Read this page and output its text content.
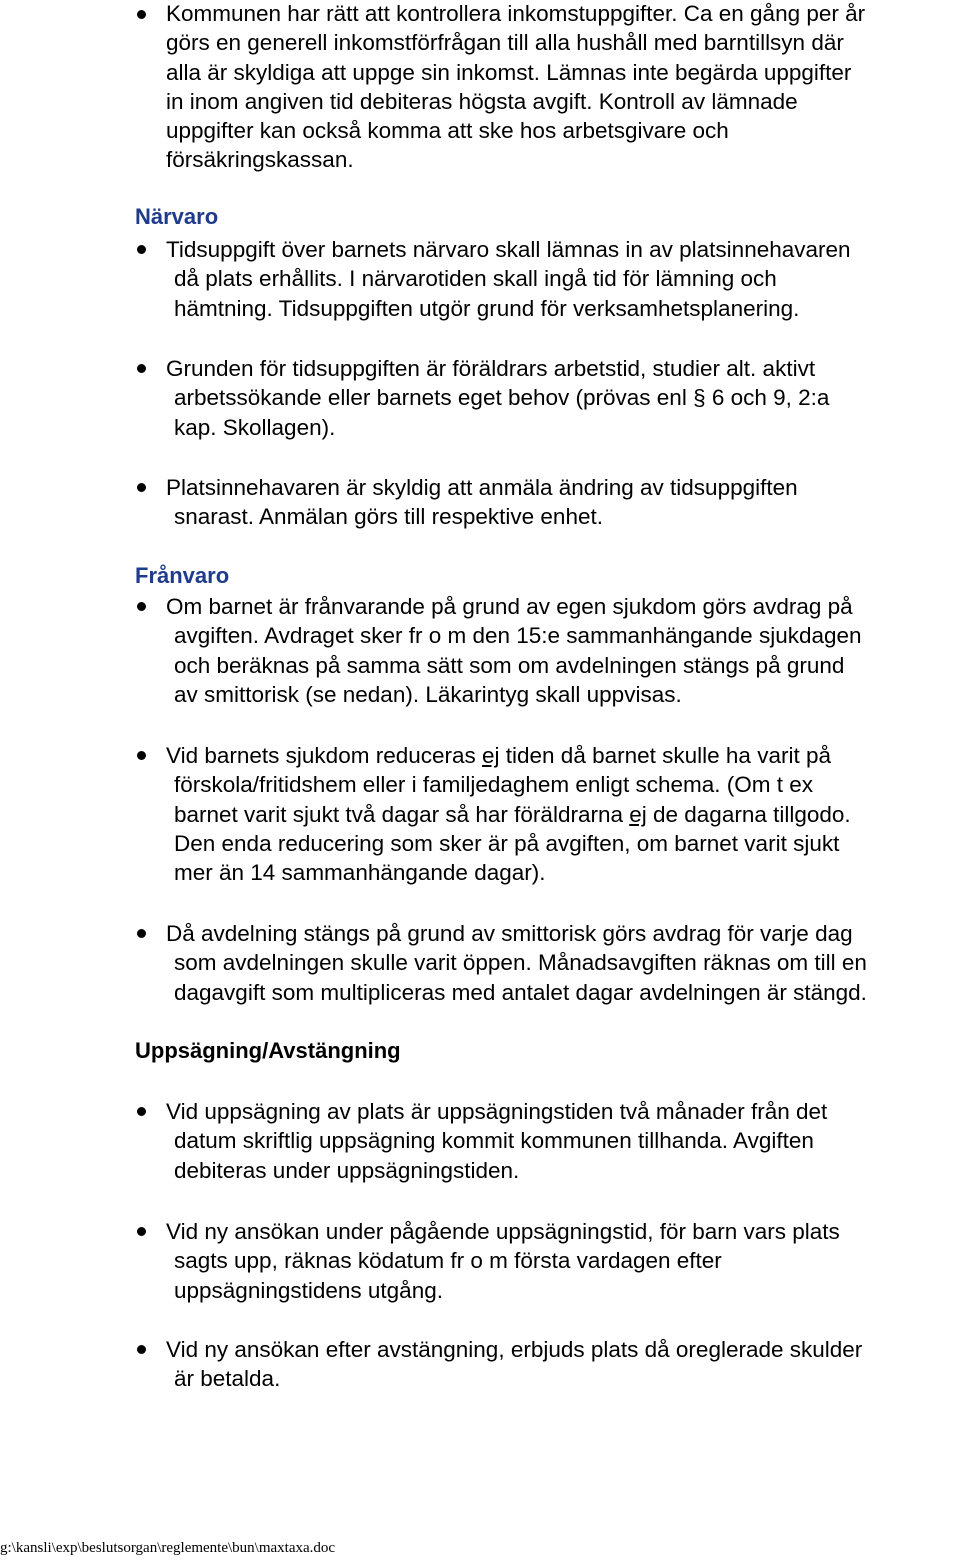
Kommunen har rätt att kontrollera inkomstuppgifter. Ca en gång per år
görs en generell inkomstförfrågan till alla hushåll med barntillsyn där
alla är skyldiga att uppge sin inkomst. Lämnas inte begärda uppgifter
in inom angiven tid debiteras högsta avgift. Kontroll av lämnade
uppgifter kan också komma att ske hos arbetsgivare och
försäkringskassan.
Närvaro
Tidsuppgift över barnets närvaro skall lämnas in av platsinnehavaren
då plats erhållits. I närvarotiden skall ingå tid för lämning och
hämtning. Tidsuppgiften utgör grund för verksamhetsplanering.
Grunden för tidsuppgiften är föräldrars arbetstid, studier alt. aktivt
arbetssökande eller barnets eget behov (prövas enl § 6 och 9, 2:a
kap. Skollagen).
Platsinnehavaren är skyldig att anmäla ändring av tidsuppgiften
snarast. Anmälan görs till respektive enhet.
Frånvaro
Om barnet är frånvarande på grund av egen sjukdom görs avdrag på
avgiften. Avdraget sker fr o m den 15:e sammanhängande sjukdagen
och beräknas på samma sätt som om avdelningen stängs på grund
av smittorisk (se nedan). Läkarintyg skall uppvisas.
Vid barnets sjukdom reduceras ej tiden då barnet skulle ha varit på
förskola/fritidshem eller i familjedaghem enligt schema. (Om t ex
barnet varit sjukt två dagar så har föräldrarna ej de dagarna tillgodo.
Den enda reducering som sker är på avgiften, om barnet varit sjukt
mer än 14 sammanhängande dagar).
Då avdelning stängs på grund av smittorisk görs avdrag för varje dag
som avdelningen skulle varit öppen. Månadsavgiften räknas om till en
dagavgift som multipliceras med antalet dagar avdelningen är stängd.
Uppsägning/Avstängning
Vid uppsägning av plats är uppsägningstiden två månader från det
datum skriftlig uppsägning kommit kommunen tillhanda. Avgiften
debiteras under uppsägningstiden.
Vid ny ansökan under pågående uppsägningstid, för barn vars plats
sagts upp, räknas ködatum fr o m första vardagen efter
uppsägningstidens utgång.
Vid ny ansökan efter avstängning, erbjuds plats då oreglerade skulder
är betalda.
g:\kansli\exp\beslutsorgan\reglemente\bun\maxtaxa.doc
